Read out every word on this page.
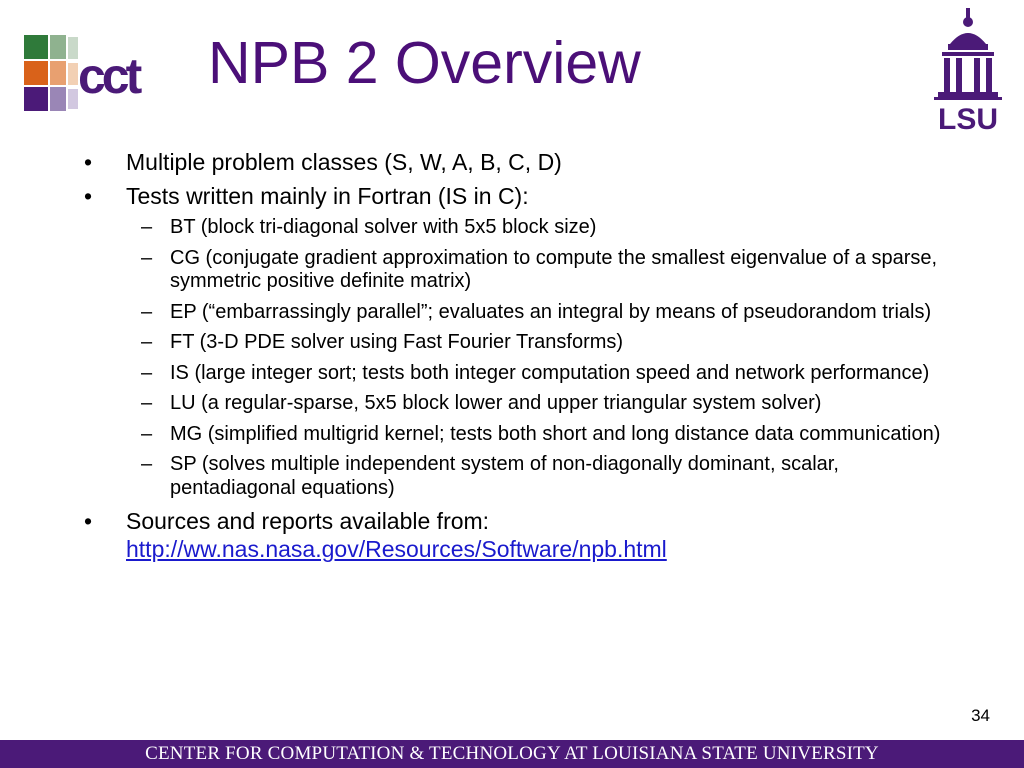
cct NPB 2 Overview
LSU
•	Multiple problem classes (S, W, A, B, C, D)
•	Tests written mainly in Fortran (IS in C):
– BT (block tri-diagonal solver with 5x5 block size)
– CG (conjugate gradient approximation to compute the smallest eigenvalue of a sparse, symmetric positive definite matrix)
– EP (“embarrassingly parallel”; evaluates an integral by means of pseudorandom trials)
– FT (3-D PDE solver using Fast Fourier Transforms)
– IS (large integer sort; tests both integer computation speed and network performance)
– LU (a regular-sparse, 5x5 block lower and upper triangular system solver)
– MG (simplified multigrid kernel; tests both short and long distance data communication)
– SP (solves multiple independent system of non-diagonally dominant, scalar, pentadiagonal equations)
•	Sources and reports available from:
http://ww.nas.nasa.gov/Resources/Software/npb.html
34
CENTER FOR COMPUTATION & TECHNOLOGY AT LOUISIANA STATE UNIVERSITY
